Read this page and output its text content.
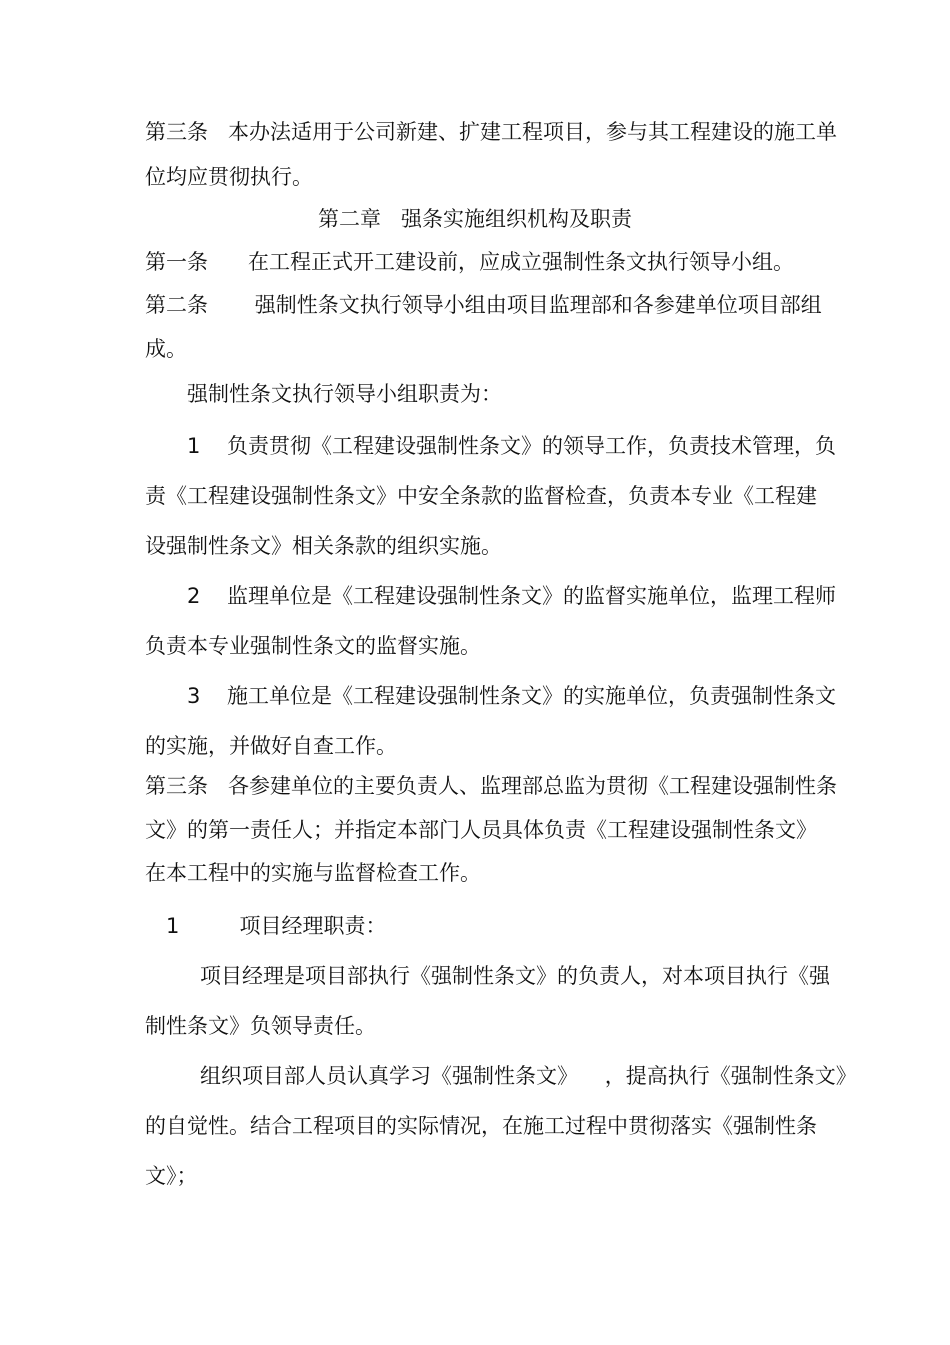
第三条   本办法适用于公司新建、扩建工程项目，参与其工程建设的施工单
位均应贯彻执行。
第二章   强条实施组织机构及职责
第一条      在工程正式开工建设前，应成立强制性条文执行领导小组。
第二条       强制性条文执行领导小组由项目监理部和各参建单位项目部组
成。
强制性条文执行领导小组职责为：
1    负责贯彻《工程建设强制性条文》的领导工作，负责技术管理，负
责《工程建设强制性条文》中安全条款的监督检查，负责本专业《工程建
设强制性条文》相关条款的组织实施。
2    监理单位是《工程建设强制性条文》的监督实施单位，监理工程师
负责本专业强制性条文的监督实施。
3    施工单位是《工程建设强制性条文》的实施单位，负责强制性条文
的实施，并做好自查工作。
第三条   各参建单位的主要负责人、监理部总监为贯彻《工程建设强制性条
文》的第一责任人；并指定本部门人员具体负责《工程建设强制性条文》
在本工程中的实施与监督检查工作。
1         项目经理职责：
项目经理是项目部执行《强制性条文》的负责人，对本项目执行《强
制性条文》负领导责任。
组织项目部人员认真学习《强制性条文》    ，提高执行《强制性条文》
的自觉性。结合工程项目的实际情况，在施工过程中贯彻落实《强制性条
文》；
